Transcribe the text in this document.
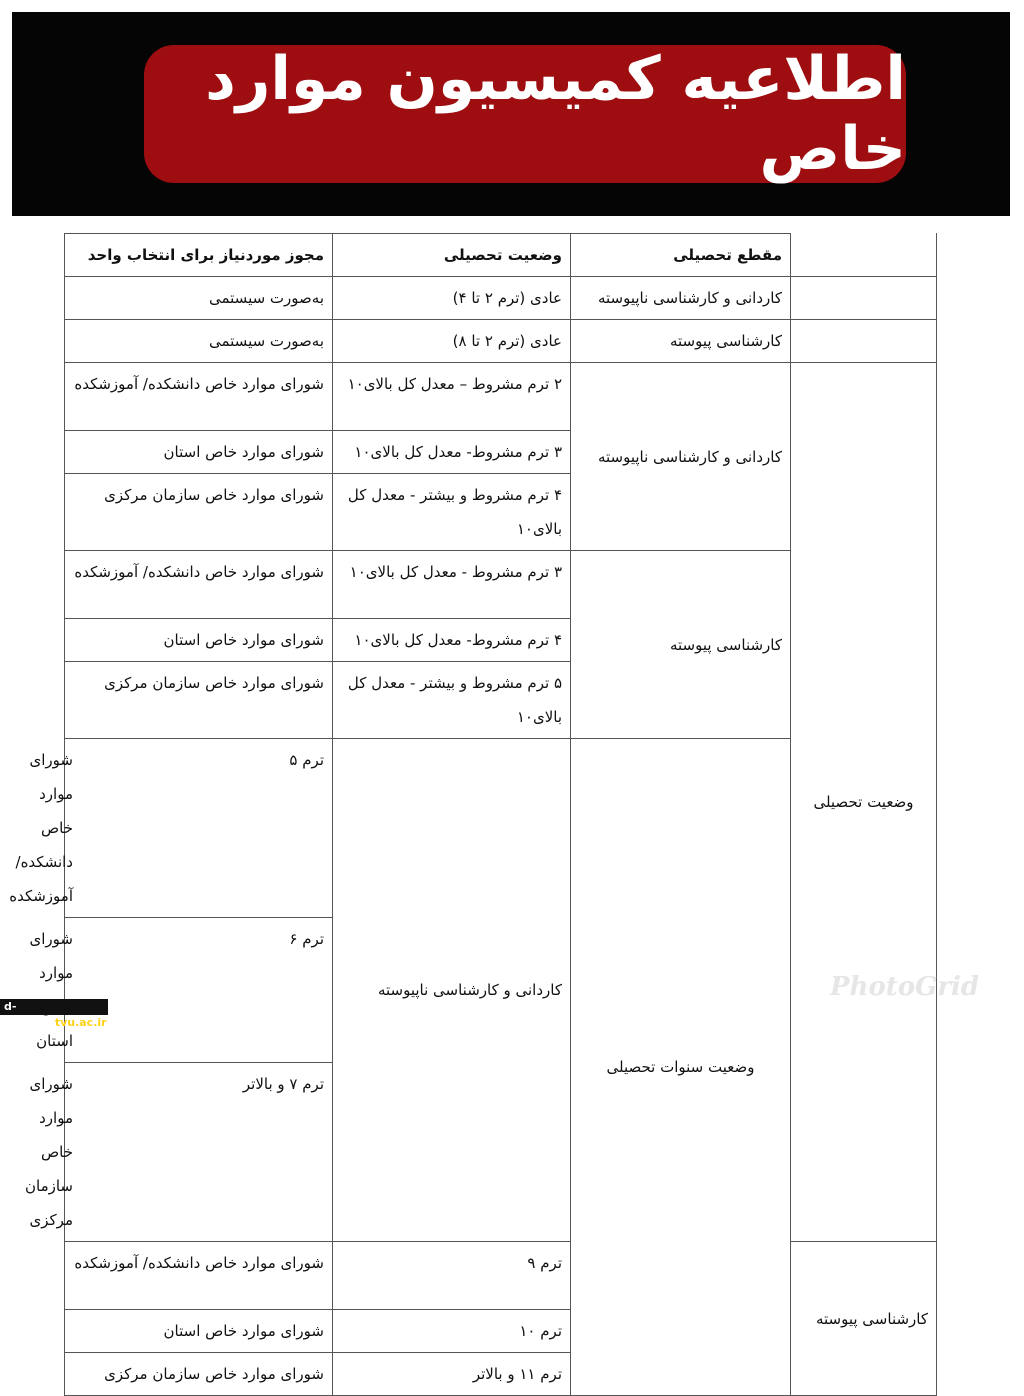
اطلاعیه کمیسیون موارد خاص
	مقطع تحصیلی	وضعیت تحصیلی	مجوز موردنیاز برای انتخاب واحد	
	کاردانی و کارشناسی ناپیوسته	عادی (ترم ۲ تا ۴)	به‌صورت سیستمی	
	کارشناسی پیوسته	عادی (ترم ۲ تا ۸)	به‌صورت سیستمی	
وضعیت تحصیلی	کاردانی و کارشناسی ناپیوسته	۲ ترم مشروط – معدل کل بالای۱۰	شورای موارد خاص دانشکده/ آموزشکده	
		۳ ترم مشروط- معدل کل بالای۱۰	شورای موارد خاص استان	
		۴ ترم مشروط و بیشتر - معدل کل بالای۱۰	شورای موارد خاص سازمان مرکزی	
	کارشناسی پیوسته	۳ ترم مشروط - معدل کل بالای۱۰	شورای موارد خاص دانشکده/ آموزشکده	
		۴ ترم مشروط- معدل کل بالای۱۰	شورای موارد خاص استان	
		۵ ترم مشروط و بیشتر - معدل کل بالای۱۰	شورای موارد خاص سازمان مرکزی	
	وضعیت سنوات تحصیلی	کاردانی و کارشناسی ناپیوسته	ترم ۵	شورای موارد خاص دانشکده/ آموزشکده
			ترم ۶	شورای موارد استان
			ترم ۷ و بالاتر	شورای موارد خاص سازمان مرکزی
کارشناسی پیوسته		ترم ۹	شورای موارد خاص دانشکده/ آموزشکده	
		ترم ۱۰	شورای موارد خاص استان	
		ترم ۱۱ و بالاتر	شورای موارد خاص سازمان مرکزی	
d-kerman.tvu.ac.ir
PhotoGrid
